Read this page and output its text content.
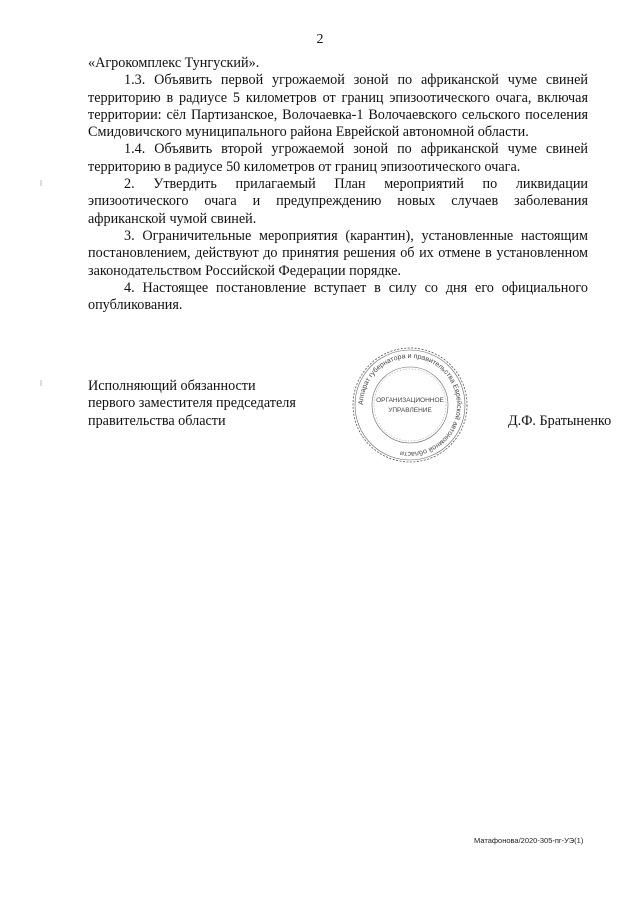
2

«Агрокомплекс Тунгуский».

1.3. Объявить первой угрожаемой зоной по африканской чуме свиней территорию в радиусе 5 километров от границ эпизоотического очага, включая территории: сёл Партизанское, Волочаевка-1 Волочаевского сельского поселения Смидовичского муниципального района Еврейской автономной области.

1.4. Объявить второй угрожаемой зоной по африканской чуме свиней территорию в радиусе 50 километров от границ эпизоотического очага.

2. Утвердить прилагаемый План мероприятий по ликвидации эпизоотического очага и предупреждению новых случаев заболевания африканской чумой свиней.

3. Ограничительные мероприятия (карантин), установленные настоящим постановлением, действуют до принятия решения об их отмене в установленном законодательством Российской Федерации порядке.

4. Настоящее постановление вступает в силу со дня его официального опубликования.

Исполняющий обязанности
первого заместителя председателя
правительства области
Аппарат губернатора и правительства Еврейской автономной области
ОРГАНИЗАЦИОННОЕ
УПРАВЛЕНИЕ
Д.Ф. Братыненко
Матафонова/2020-305-пг-УЭ(1)
